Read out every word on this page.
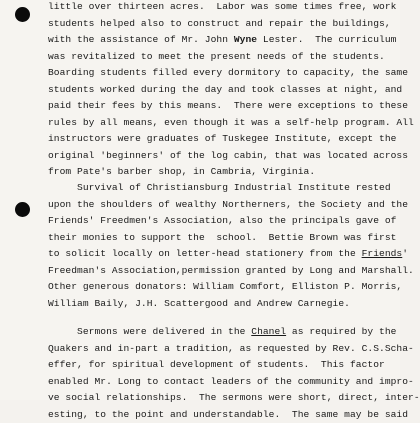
little over thirteen acres.  Labor was some times free, work
students helped also to construct and repair the buildings,
with the assistance of Mr. John Wyne Lester.  The curriculum
was revitalized to meet the present needs of the students.
Boarding students filled every dormitory to capacity, the same
students worked during the day and took classes at night, and
paid their fees by this means.  There were exceptions to these
rules by all means, even though it was a self-help program. All
instructors were graduates of Tuskegee Institute, except the
original 'beginners' of the log cabin, that was located across
from Pate's barber shop, in Cambria, Virginia.
Survival of Christiansburg Industrial Institute rested
upon the shoulders of wealthy Northerners, the Society and the
Friends' Freedmen's Association, also the principals gave of
their monies to support the  school.  Bettie Brown was first
to solicit locally on letter-head stationery from the Friends'
Freedman's Association,permission granted by Long and Marshall.
Other generous donators: William Comfort, Elliston P. Morris,
William Baily, J.H. Scattergood and Andrew Carnegie.
Sermons were delivered in the Chanel as required by the
Quakers and in-part a tradition, as requested by Rev. C.S.Scha-
effer, for spiritual development of students.  This factor
enabled Mr. Long to contact leaders of the community and impro-
ve social relationships.  The sermons were short, direct, inter-
esting, to the point and understandable.  The same may be said
